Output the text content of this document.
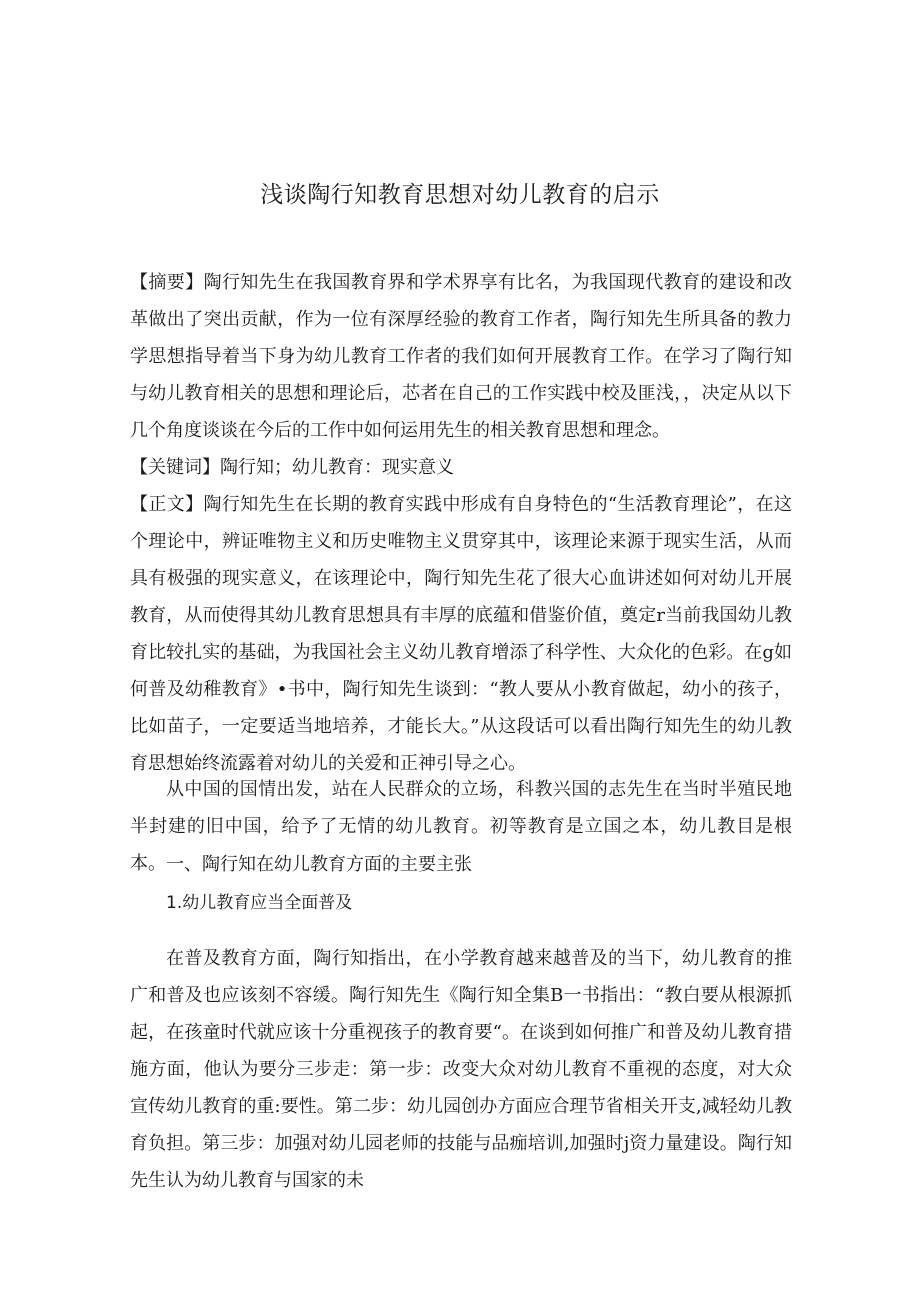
浅谈陶行知教育思想对幼儿教育的启示

【摘要】陶行知先生在我国教育界和学术界享有比名，为我国现代教育的建设和改革做出了突出贡献，作为一位有深厚经验的教育工作者，陶行知先生所具备的教力学思想指导着当下身为幼儿教育工作者的我们如何开展教育工作。在学习了陶行知与幼儿教育相关的思想和理论后，芯者在自己的工作实践中校及匪浅，，决定从以下几个角度谈谈在今后的工作中如何运用先生的相关教育思想和理念。

【关键词】陶行知；幼儿教育：现实意义

【正文】陶行知先生在长期的教育实践中形成有自身特色的“生活教育理论”，在这个理论中，辨证唯物主义和历史唯物主义贯穿其中，该理论来源于现实生活，从而具有极强的现实意义，在该理论中，陶行知先生花了很大心血讲述如何对幼儿开展教育，从而使得其幼儿教育思想具有丰厚的底蕴和借鉴价值，奠定r当前我国幼儿教育比较扎实的基础，为我国社会主义幼儿教育增添了科学性、大众化的色彩。在g如何普及幼稚教育》•书中，陶行知先生谈到：“教人要从小教育做起，幼小的孩子，比如苗子，一定要适当地培养，才能长大。”从这段话可以看出陶行知先生的幼儿教育思想始终流露着对幼儿的关爱和正神引导之心。

从中国的国情出发，站在人民群众的立场，科教兴国的志先生在当时半殖民地半封建的旧中国，给予了无情的幼儿教育。初等教育是立国之本，幼儿教目是根本。 一、陶行知在幼儿教育方面的主要主张

1.幼儿教育应当全面普及

在普及教育方面，陶行知指出，在小学教育越来越普及的当下，幼儿教育的推广和普及也应该刻不容缓。陶行知先生《陶行知全集B一书指出：“教白要从根源抓起，在孩童时代就应该十分重视孩子的教育要“。在谈到如何推广和普及幼儿教育措施方面，他认为要分三步走：第一步：改变大众对幼儿教育不重视的态度，对大众宣传幼儿教育的重:要性。第二步：幼儿园创办方面应合理节省相关开支,减轻幼儿教育负担。第三步：加强对幼儿园老师的技能与品痂培训,加强时j资力量建设。陶行知先生认为幼儿教育与国家的未
